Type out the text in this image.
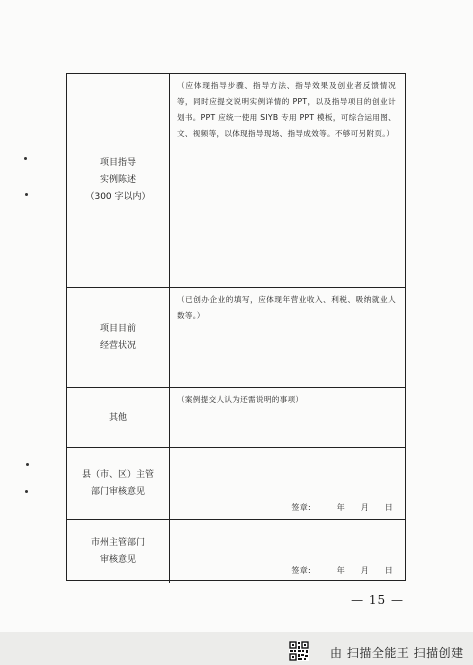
项目指导
实例陈述
（300 字以内）
（应体现指导步骤、指导方法、指导效果及创业者反馈情况等，同时应提交说明实例详情的 PPT，以及指导项目的创业计划书。PPT 应统一使用 SIYB 专用 PPT 模板，可综合运用图、文、视频等，以体现指导现场、指导成效等。不够可另附页。）
项目目前
经营状况
（已创办企业的填写，应体现年营业收入、利税、吸纳就业人数等。）
其他
（案例提交人认为还需说明的事项）
县（市、区）主管
部门审核意见
签章:	年 月 日
市州主管部门
审核意见
签章:	年 月 日
— 15 —
由 扫描全能王 扫描创建
